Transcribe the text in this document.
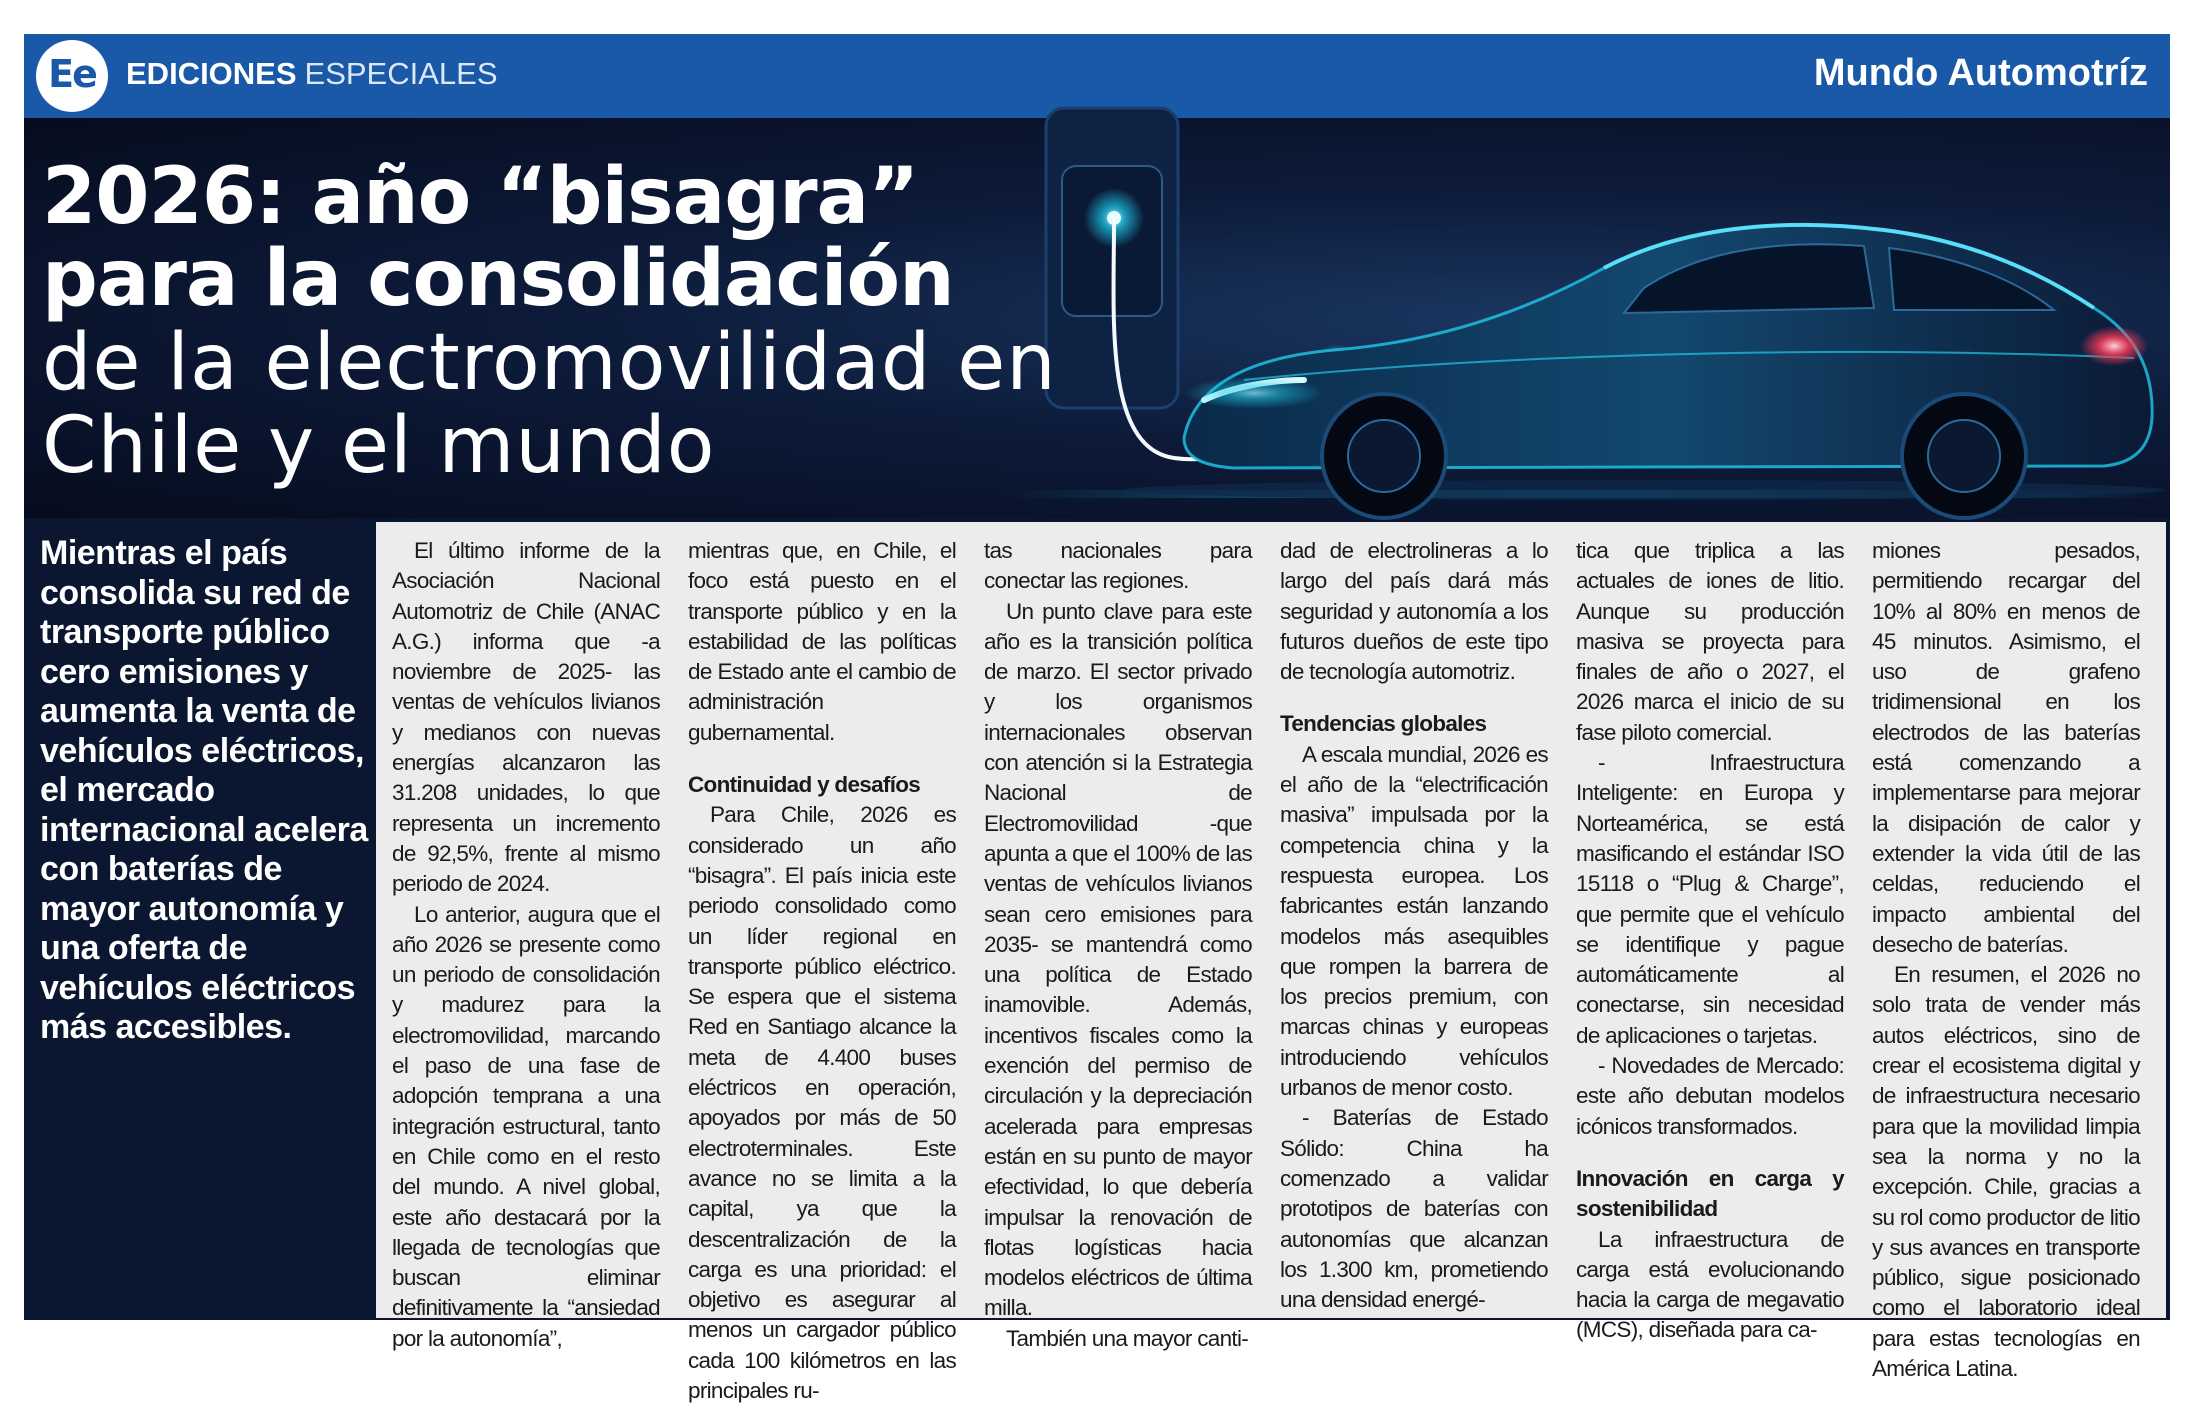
Ee EDICIONES ESPECIALES	Mundo Automotríz
2026: año “bisagra”
para la consolidación
de la electromovilidad en
Chile y el mundo
Mientras el país consolida su red de transporte público cero emisiones y aumenta la venta de vehículos eléctricos, el mercado internacional acelera con baterías de mayor autonomía y una oferta de vehículos eléctricos más accesibles.

El último informe de la Asociación Nacional Automotriz de Chile (ANAC A.G.) informa que -a noviembre de 2025- las ventas de vehículos livianos y medianos con nuevas energías alcanzaron las 31.208 unidades, lo que representa un incremento de 92,5%, frente al mismo periodo de 2024.

Lo anterior, augura que el año 2026 se presente como un periodo de consolidación y madurez para la electromovilidad, marcando el paso de una fase de adopción temprana a una integración estructural, tanto en Chile como en el resto del mundo. A nivel global, este año destacará por la llegada de tecnologías que buscan eliminar definitivamente la “ansiedad por la autonomía”,

mientras que, en Chile, el foco está puesto en el transporte público y en la estabilidad de las políticas de Estado ante el cambio de administración gubernamental.

Continuidad y desafíos

Para Chile, 2026 es considerado un año “bisagra”. El país inicia este periodo consolidado como un líder regional en transporte público eléctrico. Se espera que el sistema Red en Santiago alcance la meta de 4.400 buses eléctricos en operación, apoyados por más de 50 electroterminales. Este avance no se limita a la capital, ya que la descentralización de la carga es una prioridad: el objetivo es asegurar al menos un cargador público cada 100 kilómetros en las principales ru-

tas nacionales para conectar las regiones.

Un punto clave para este año es la transición política de marzo. El sector privado y los organismos internacionales observan con atención si la Estrategia Nacional de Electromovilidad -que apunta a que el 100% de las ventas de vehículos livianos sean cero emisiones para 2035- se mantendrá como una política de Estado inamovible. Además, incentivos fiscales como la exención del permiso de circulación y la depreciación acelerada para empresas están en su punto de mayor efectividad, lo que debería impulsar la renovación de flotas logísticas hacia modelos eléctricos de última milla.

También una mayor canti-

dad de electrolineras a lo largo del país dará más seguridad y autonomía a los futuros dueños de este tipo de tecnología automotriz.

Tendencias globales

A escala mundial, 2026 es el año de la “electrificación masiva” impulsada por la competencia china y la respuesta europea. Los fabricantes están lanzando modelos más asequibles que rompen la barrera de los precios premium, con marcas chinas y europeas introduciendo vehículos urbanos de menor costo.

- Baterías de Estado Sólido: China ha comenzado a validar prototipos de baterías con autonomías que alcanzan los 1.300 km, prometiendo una densidad energé-

tica que triplica a las actuales de iones de litio. Aunque su producción masiva se proyecta para finales de año o 2027, el 2026 marca el inicio de su fase piloto comercial.

- Infraestructura Inteligente: en Europa y Norteamérica, se está masificando el estándar ISO 15118 o “Plug & Charge”, que permite que el vehículo se identifique y pague automáticamente al conectarse, sin necesidad de aplicaciones o tarjetas.

- Novedades de Mercado: este año debutan modelos icónicos transformados.

Innovación en carga y sostenibilidad

La infraestructura de carga está evolucionando hacia la carga de megavatio (MCS), diseñada para ca-

miones pesados, permitiendo recargar del 10% al 80% en menos de 45 minutos. Asimismo, el uso de grafeno tridimensional en los electrodos de las baterías está comenzando a implementarse para mejorar la disipación de calor y extender la vida útil de las celdas, reduciendo el impacto ambiental del desecho de baterías.

En resumen, el 2026 no solo trata de vender más autos eléctricos, sino de crear el ecosistema digital y de infraestructura necesario para que la movilidad limpia sea la norma y no la excepción. Chile, gracias a su rol como productor de litio y sus avances en transporte público, sigue posicionado como el laboratorio ideal para estas tecnologías en América Latina.
